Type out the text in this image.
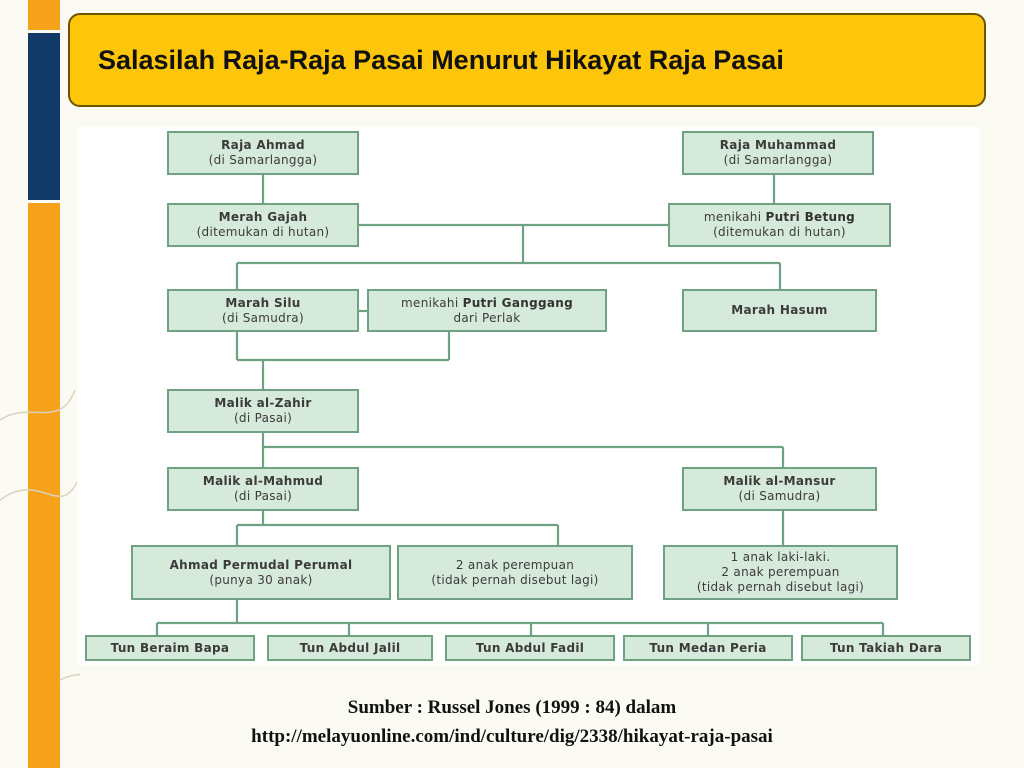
Salasilah Raja-Raja Pasai Menurut Hikayat Raja Pasai
Raja Ahmad
(di Samarlangga)
Raja Muhammad
(di Samarlangga)
Merah Gajah
(ditemukan di hutan)
menikahi Putri Betung
(ditemukan di hutan)
Marah Silu
(di Samudra)
menikahi Putri Ganggang
dari Perlak
Marah Hasum
Malik al-Zahir
(di Pasai)
Malik al-Mahmud
(di Pasai)
Malik al-Mansur
(di Samudra)
Ahmad Permudal Perumal
(punya 30 anak)
2 anak perempuan
(tidak pernah disebut lagi)
1 anak laki-laki.
2 anak perempuan
(tidak pernah disebut lagi)
Tun Beraim Bapa	Tun Abdul Jalil	Tun Abdul Fadil	Tun Medan Peria	Tun Takiah Dara
Sumber : Russel Jones (1999 : 84) dalam
http://melayuonline.com/ind/culture/dig/2338/hikayat-raja-pasai
